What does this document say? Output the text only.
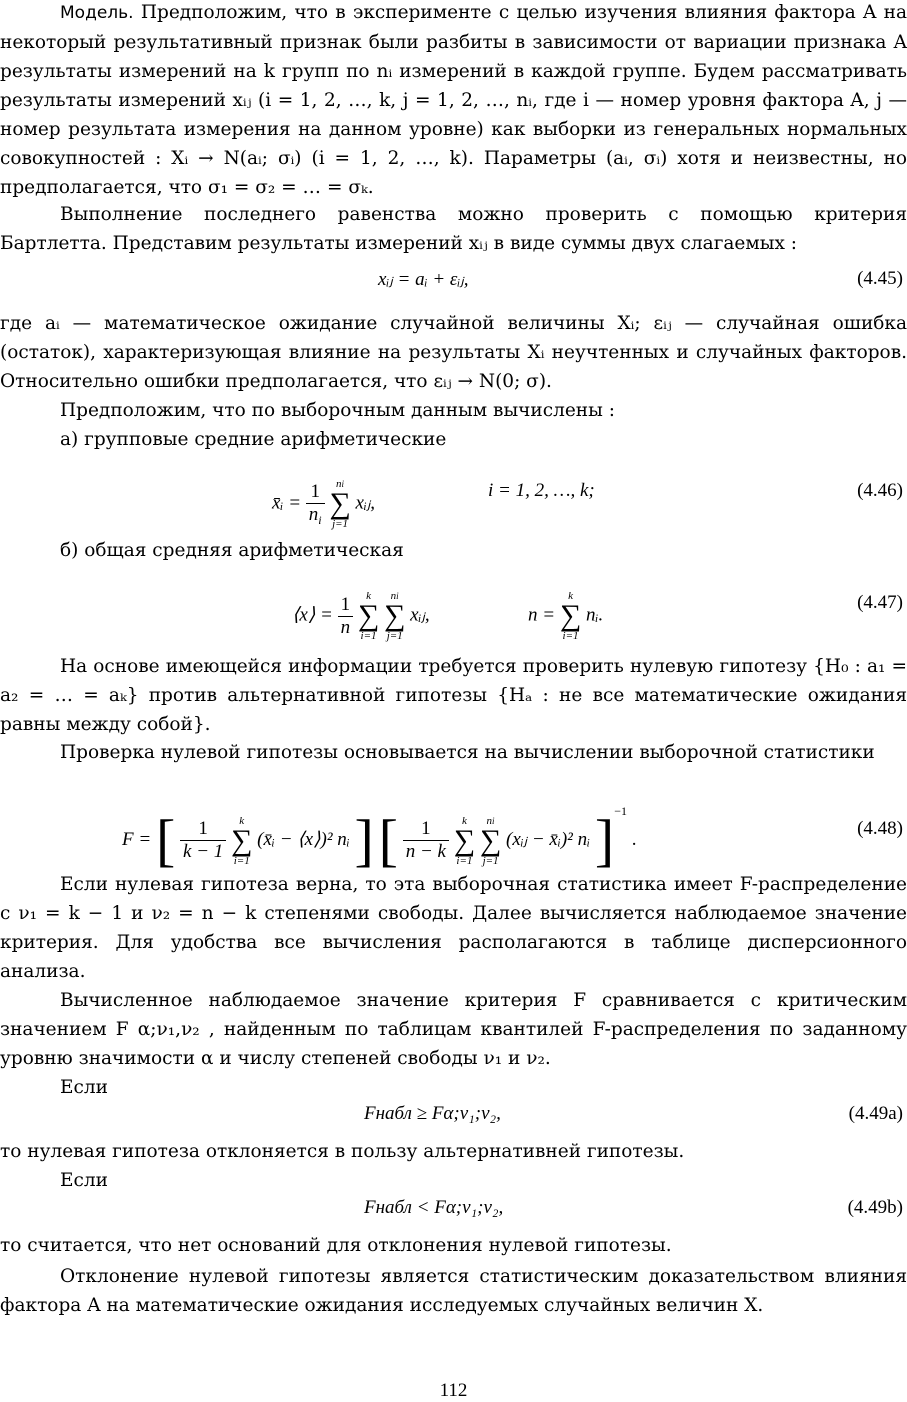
Модель. Предположим, что в эксперименте с целью изучения влияния фактора A на некоторый результативный признак были разбиты в зависимости от вариации признака A результаты измерений на k групп по nᵢ измерений в каждой группе. Будем рассматривать результаты измерений xᵢⱼ (i = 1, 2, …, k, j = 1, 2, …, nᵢ, где i — номер уровня фактора A, j — номер результата измерения на данном уровне) как выборки из генеральных нормальных совокупностей : Xᵢ → N(aᵢ; σᵢ) (i = 1, 2, …, k). Параметры (aᵢ, σᵢ) хотя и неизвестны, но предполагается, что σ₁ = σ₂ = … = σₖ.

Выполнение последнего равенства можно проверить с помощью критерия Бартлетта. Представим результаты измерений xᵢⱼ в виде суммы двух слагаемых :

xᵢⱼ = aᵢ + εᵢⱼ,	(4.45)

где aᵢ — математическое ожидание случайной величины Xᵢ; εᵢⱼ — случайная ошибка (остаток), характеризующая влияние на результаты Xᵢ неучтенных и случайных факторов. Относительно ошибки предполагается, что εᵢⱼ → N(0; σ).

Предположим, что по выборочным данным вычислены :

а) групповые средние арифметические

x̄ᵢ = $\frac{1}{n_i}$
	ni
∑
j=1
xᵢⱼ,
i = 1, 2, …, k;	(4.46)

б) общая средняя арифметическая

⟨x⟩ = $\frac{1}{n}$
	k
∑
i=1

ni
∑
j=1
xᵢⱼ,	n =
k
∑
i=1
nᵢ.
(4.47)

На основе имеющейся информации требуется проверить нулевую гипотезу {H₀ : a₁ = a₂ = … = aₖ} против альтернативной гипотезы {Hₐ : не все математические ожидания равны между собой}.

Проверка нулевой гипотезы основывается на вычислении выборочной статистики

F = [ $\frac{1}{k - 1}$
	k
∑
i=1
(x̄ᵢ − ⟨x⟩)² nᵢ ] [ $\frac{1}{n - k}$
	k
∑
i=1

ni
∑
j=1
(xᵢⱼ − x̄ᵢ)² nᵢ ]$^{-1}$ .
(4.48)

Если нулевая гипотеза верна, то эта выборочная статистика имеет F-распределение с ν₁ = k − 1 и ν₂ = n − k степенями свободы. Далее вычисляется наблюдаемое значение критерия. Для удобства все вычисления располагаются в таблице дисперсионного анализа.

Вычисленное наблюдаемое значение критерия F сравнивается с критическим значением F α;ν₁,ν₂ , найденным по таблицам квантилей F-распределения по заданному уровню значимости α и числу степеней свободы ν₁ и ν₂.

Если

Fнабл ≥ Fα;ν₁;ν₂,	(4.49a)

то нулевая гипотеза отклоняется в пользу альтернативней гипотезы.

Если

Fнабл < Fα;ν₁;ν₂,	(4.49b)

то считается, что нет оснований для отклонения нулевой гипотезы.

Отклонение нулевой гипотезы является статистическим доказательством влияния фактора A на математические ожидания исследуемых случайных величин X.

112
